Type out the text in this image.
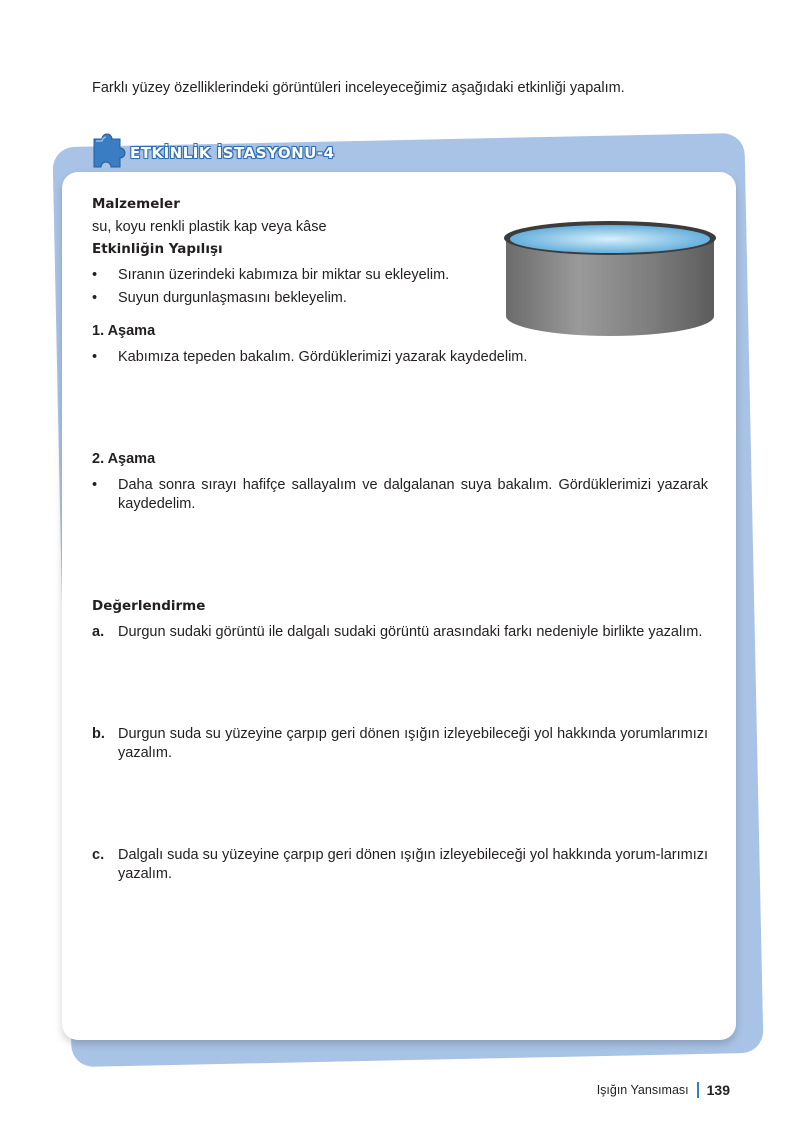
Farklı yüzey özelliklerindeki görüntüleri inceleyeceğimiz aşağıdaki etkinliği yapalım.
ETKİNLİK İSTASYONU-4

Malzemeler

su, koyu renkli plastik kap veya kâse

Etkinliğin Yapılışı

• Sıranın üzerindeki kabımıza bir miktar su ekleyelim.
• Suyun durgunlaşmasını bekleyelim.

1. Aşama

• Kabımıza tepeden bakalım. Gördüklerimizi yazarak kaydedelim.

2. Aşama

• Daha sonra sırayı hafifçe sallayalım ve dalgalanan suya bakalım. Gördüklerimizi yazarak kaydedelim.

Değerlendirme

a. Durgun sudaki görüntü ile dalgalı sudaki görüntü arasındaki farkı nedeniyle birlikte yazalım.
b. Durgun suda su yüzeyine çarpıp geri dönen ışığın izleyebileceği yol hakkında yorumlarımızı yazalım.
c. Dalgalı suda su yüzeyine çarpıp geri dönen ışığın izleyebileceği yol hakkında yorum-larımızı yazalım.
Işığın Yansıması 139
